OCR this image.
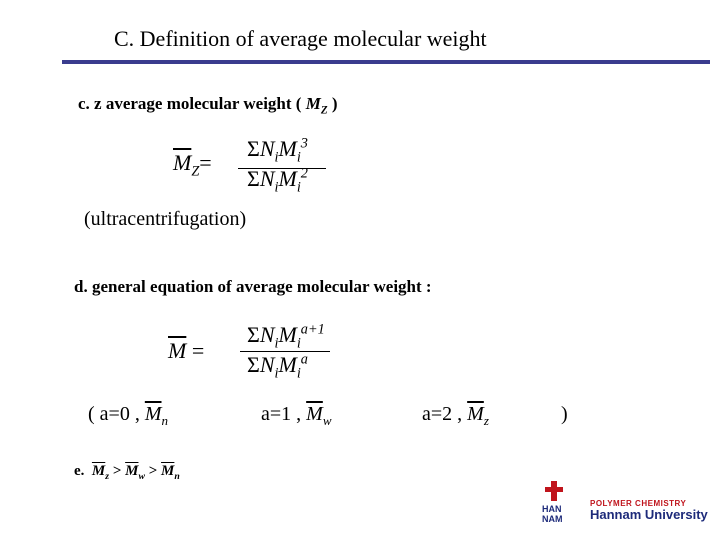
C. Definition of average molecular weight
c. z average molecular weight ( $M_Z$ )
$\overline{M}_Z=$
$\Sigma N_iM_i^3$
$\Sigma N_iM_i^2$
(ultracentrifugation)
d. general equation of average molecular weight :
$\overline{M}$ =
$\Sigma N_iM_i^{a+1}$
$\Sigma N_iM_i^a$
( a=0 , $\overline{M}_n$	a=1 , $\overline{M}_w$	a=2 , $\overline{M}_z$	)
e. $\overline{M}_z > \overline{M}_w > \overline{M}_n$
HAN
NAM
POLYMER CHEMISTRY
Hannam University
